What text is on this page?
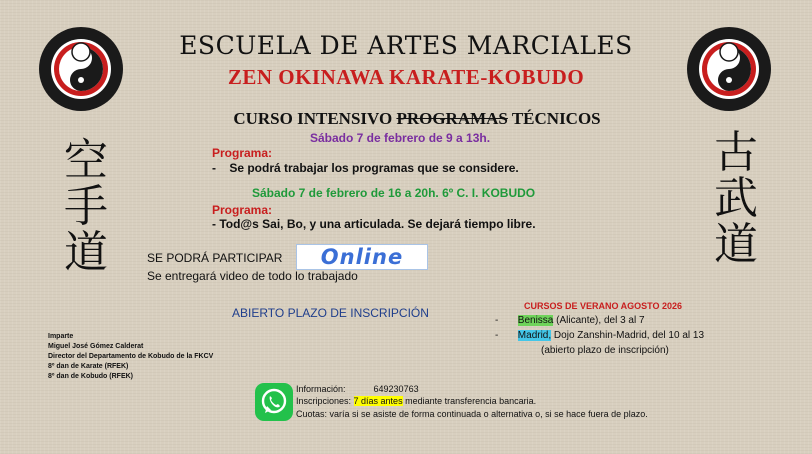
ESCUELA DE ARTES MARCIALES
ZEN OKINAWA KARATE-KOBUDO
CURSO INTENSIVO PROGRAMAS TÉCNICOS
Sábado 7 de febrero de 9 a 13h.
Programa:
-    Se podrá trabajar los programas que se considere.
Sábado 7 de febrero de 16 a 20h. 6º C. I. KOBUDO
Programa:
- Tod@s Sai, Bo, y una articulada. Se dejará tiempo libre.
空
手
道
古
武
道
SE PODRÁ PARTICIPAR	Online
Se entregará video de todo lo trabajado
ABIERTO PLAZO DE INSCRIPCIÓN	CURSOS DE VERANO AGOSTO 2026
- Benissa (Alicante), del 3 al 7
- Madrid, Dojo Zanshin-Madrid, del 10 al 13
(abierto plazo de inscripción)
Imparte
Miguel José Gómez Calderat
Director del Departamento de Kobudo de la FKCV
8º dan de Karate (RFEK)
8º dan de Kobudo (RFEK)
Información:	649230763
Inscripciones: 7 días antes mediante transferencia bancaria.
Cuotas: varía si se asiste de forma continuada o alternativa o, si se hace fuera de plazo.
